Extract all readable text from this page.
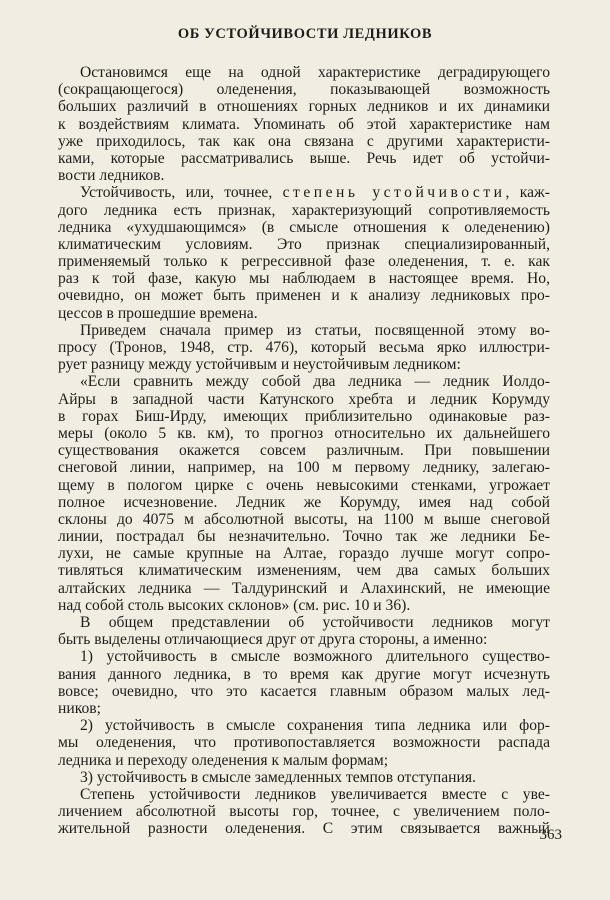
ОБ УСТОЙЧИВОСТИ ЛЕДНИКОВ
Остановимся еще на одной характеристике деградирующего
(сокращающегося) оледенения, показывающей возможность
больших различий в отношениях горных ледников и их динамики
к воздействиям климата. Упоминать об этой характеристике нам
уже приходилось, так как она связана с другими характеристи-
ками, которые рассматривались выше. Речь идет об устойчи-
вости ледников.
Устойчивость, или, точнее, степень устойчивости, каж-
дого ледника есть признак, характеризующий сопротивляемость
ледника «ухудшающимся» (в смысле отношения к оледенению)
климатическим условиям. Это признак специализированный,
применяемый только к регрессивной фазе оледенения, т. е. как
раз к той фазе, какую мы наблюдаем в настоящее время. Но,
очевидно, он может быть применен и к анализу ледниковых про-
цессов в прошедшие времена.
Приведем сначала пример из статьи, посвященной этому во-
просу (Тронов, 1948, стр. 476), который весьма ярко иллюстри-
рует разницу между устойчивым и неустойчивым ледником:
«Если сравнить между собой два ледника — ледник Иолдо-
Айры в западной части Катунского хребта и ледник Корумду
в горах Биш-Ирду, имеющих приблизительно одинаковые раз-
меры (около 5 кв. км), то прогноз относительно их дальнейшего
существования окажется совсем различным. При повышении
снеговой линии, например, на 100 м первому леднику, залегаю-
щему в пологом цирке с очень невысокими стенками, угрожает
полное исчезновение. Ледник же Корумду, имея над собой
склоны до 4075 м абсолютной высоты, на 1100 м выше снеговой
линии, пострадал бы незначительно. Точно так же ледники Бе-
лухи, не самые крупные на Алтае, гораздо лучше могут сопро-
тивляться климатическим изменениям, чем два самых больших
алтайских ледника — Талдуринский и Алахинский, не имеющие
над собой столь высоких склонов» (см. рис. 10 и 36).
В общем представлении об устойчивости ледников могут
быть выделены отличающиеся друг от друга стороны, а именно:
1) устойчивость в смысле возможного длительного существо-
вания данного ледника, в то время как другие могут исчезнуть
вовсе; очевидно, что это касается главным образом малых лед-
ников;
2) устойчивость в смысле сохранения типа ледника или фор-
мы оледенения, что противопоставляется возможности распада
ледника и переходу оледенения к малым формам;
3) устойчивость в смысле замедленных темпов отступания.
Степень устойчивости ледников увеличивается вместе с уве-
личением абсолютной высоты гор, точнее, с увеличением поло-
жительной разности оледенения. С этим связывается важный
363
